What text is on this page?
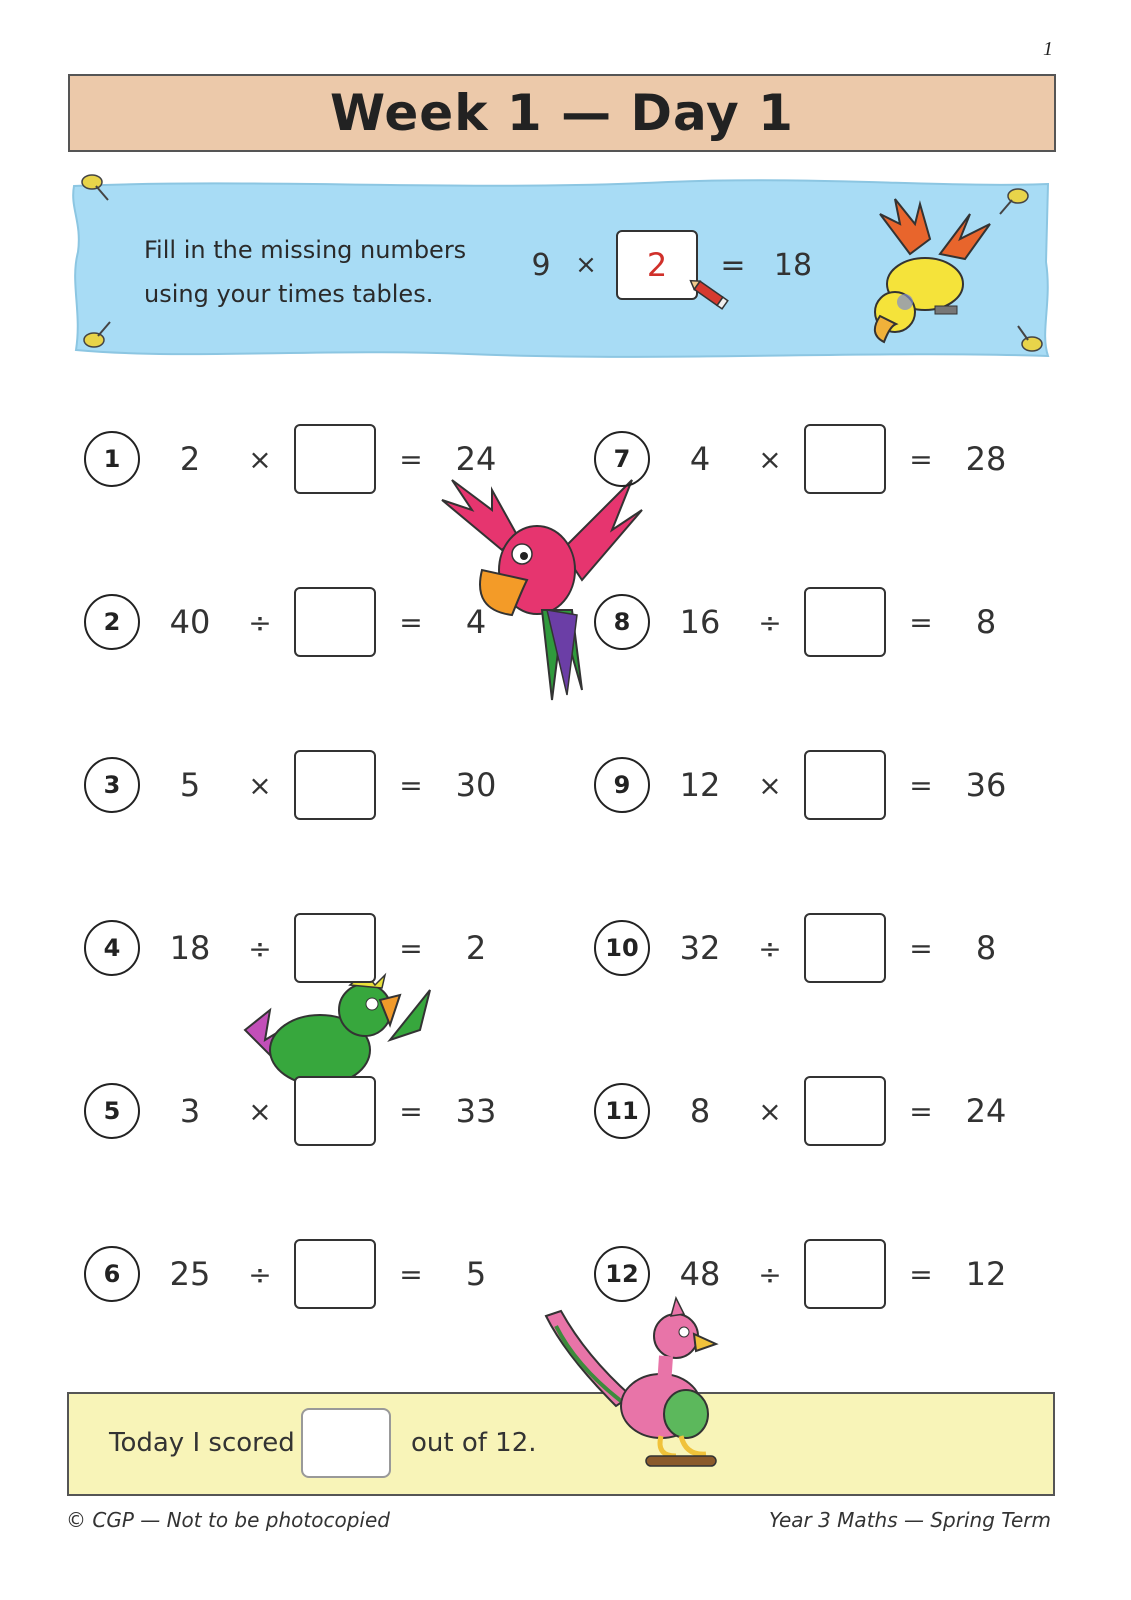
1
Week 1 — Day 1
Fill in the missing numbers
using your times tables.
9 ×	2	= 18
1	2	×	=	24
2	40	÷	=	4
3	5	×	=	30
4	18	÷	=	2
5	3	×	=	33
6	25	÷	=	5
7	4	×	=	28
8	16	÷	=	8
9	12	×	=	36
10	32	÷	=	8
11	8	×	=	24
12	48	÷	=	12
Today I scored	out of 12.
© CGP — Not to be photocopied	Year 3 Maths — Spring Term
